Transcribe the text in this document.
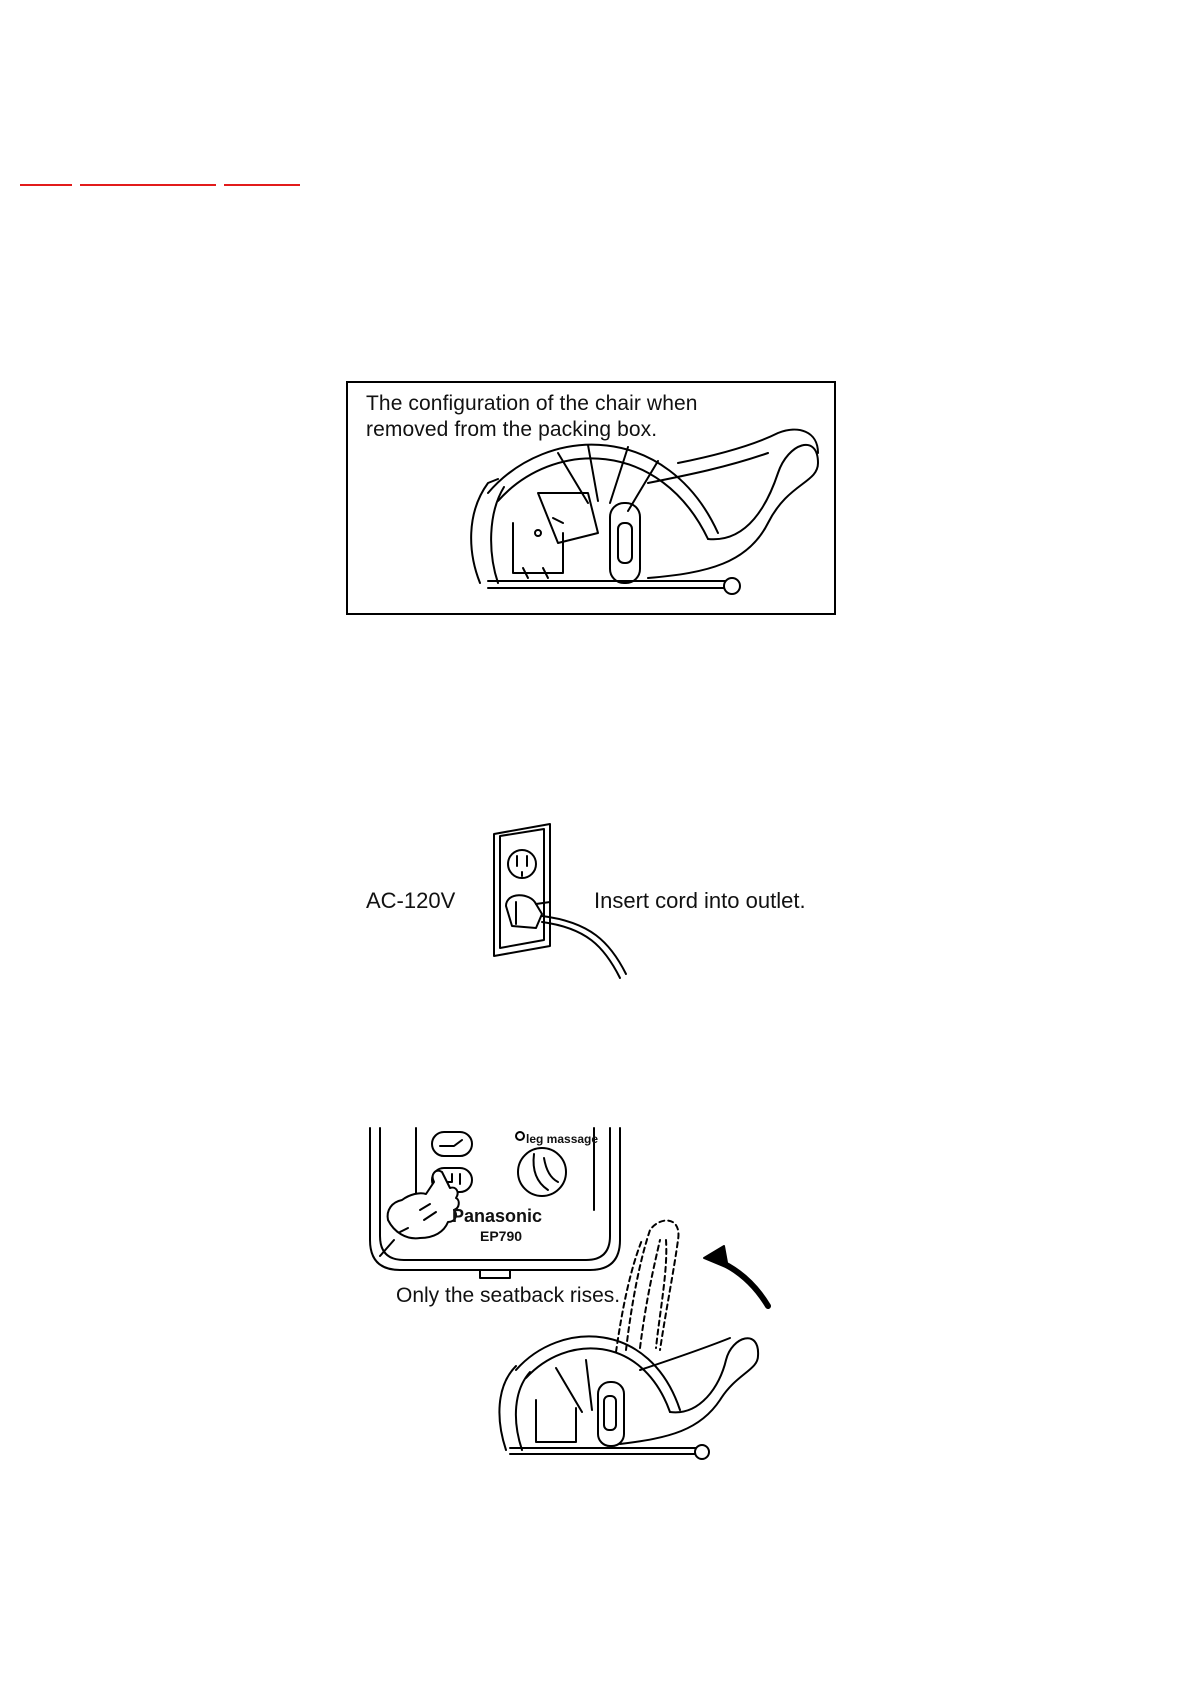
The configuration of the chair when
removed from the packing box.
AC-120V	Insert cord into outlet.
leg massage
Panasonic
EP790
Only the seatback rises.
